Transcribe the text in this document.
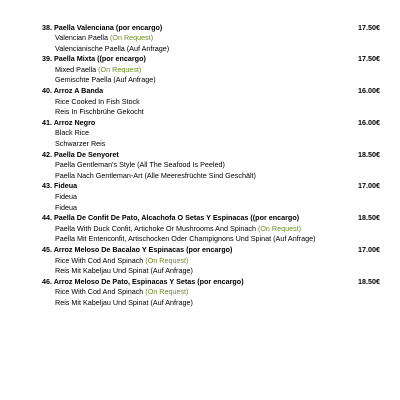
38. Paella Valenciana (por encargo)	17.50€
Valencian Paella (On Request)
Valencianische Paella (Auf Anfrage)
39. Paella Mixta ((por encargo)	17.50€
Mixed Paella (On Request)
Gemischte Paella (Auf Anfrage)
40. Arroz A Banda	16.00€
Rice Cooked In Fish Stock
Reis In Fischbrühe Gekocht
41. Arroz Negro	16.00€
Black Rice
Schwarzer Reis
42. Paella De Senyoret	18.50€
Paella Gentleman's Style (All The Seafood Is Peeled)
Paella Nach Gentleman-Art (Alle Meeresfrüchte Sind Geschält)
43. Fideua	17.00€
Fideua
Fideua
44. Paella De Confit De Pato, Alcachofa O Setas Y Espinacas ((por encargo)	18.50€
Paella With Duck Confit, Artichoke Or Mushrooms And Spinach (On Request)
Paella Mit Entenconfit, Artischocken Oder Champignons Und Spinat (Auf Anfrage)
45. Arroz Meloso De Bacalao Y Espinacas (por encargo)	17.00€
Rice With Cod And Spinach (On Request)
Reis Mit Kabeljau Und Spinat (Auf Anfrage)
46. Arroz Meloso De Pato, Espinacas Y Setas (por encargo)	18.50€
Rice With Cod And Spinach (On Request)
Reis Mit Kabeljau Und Spinat (Auf Anfrage)
